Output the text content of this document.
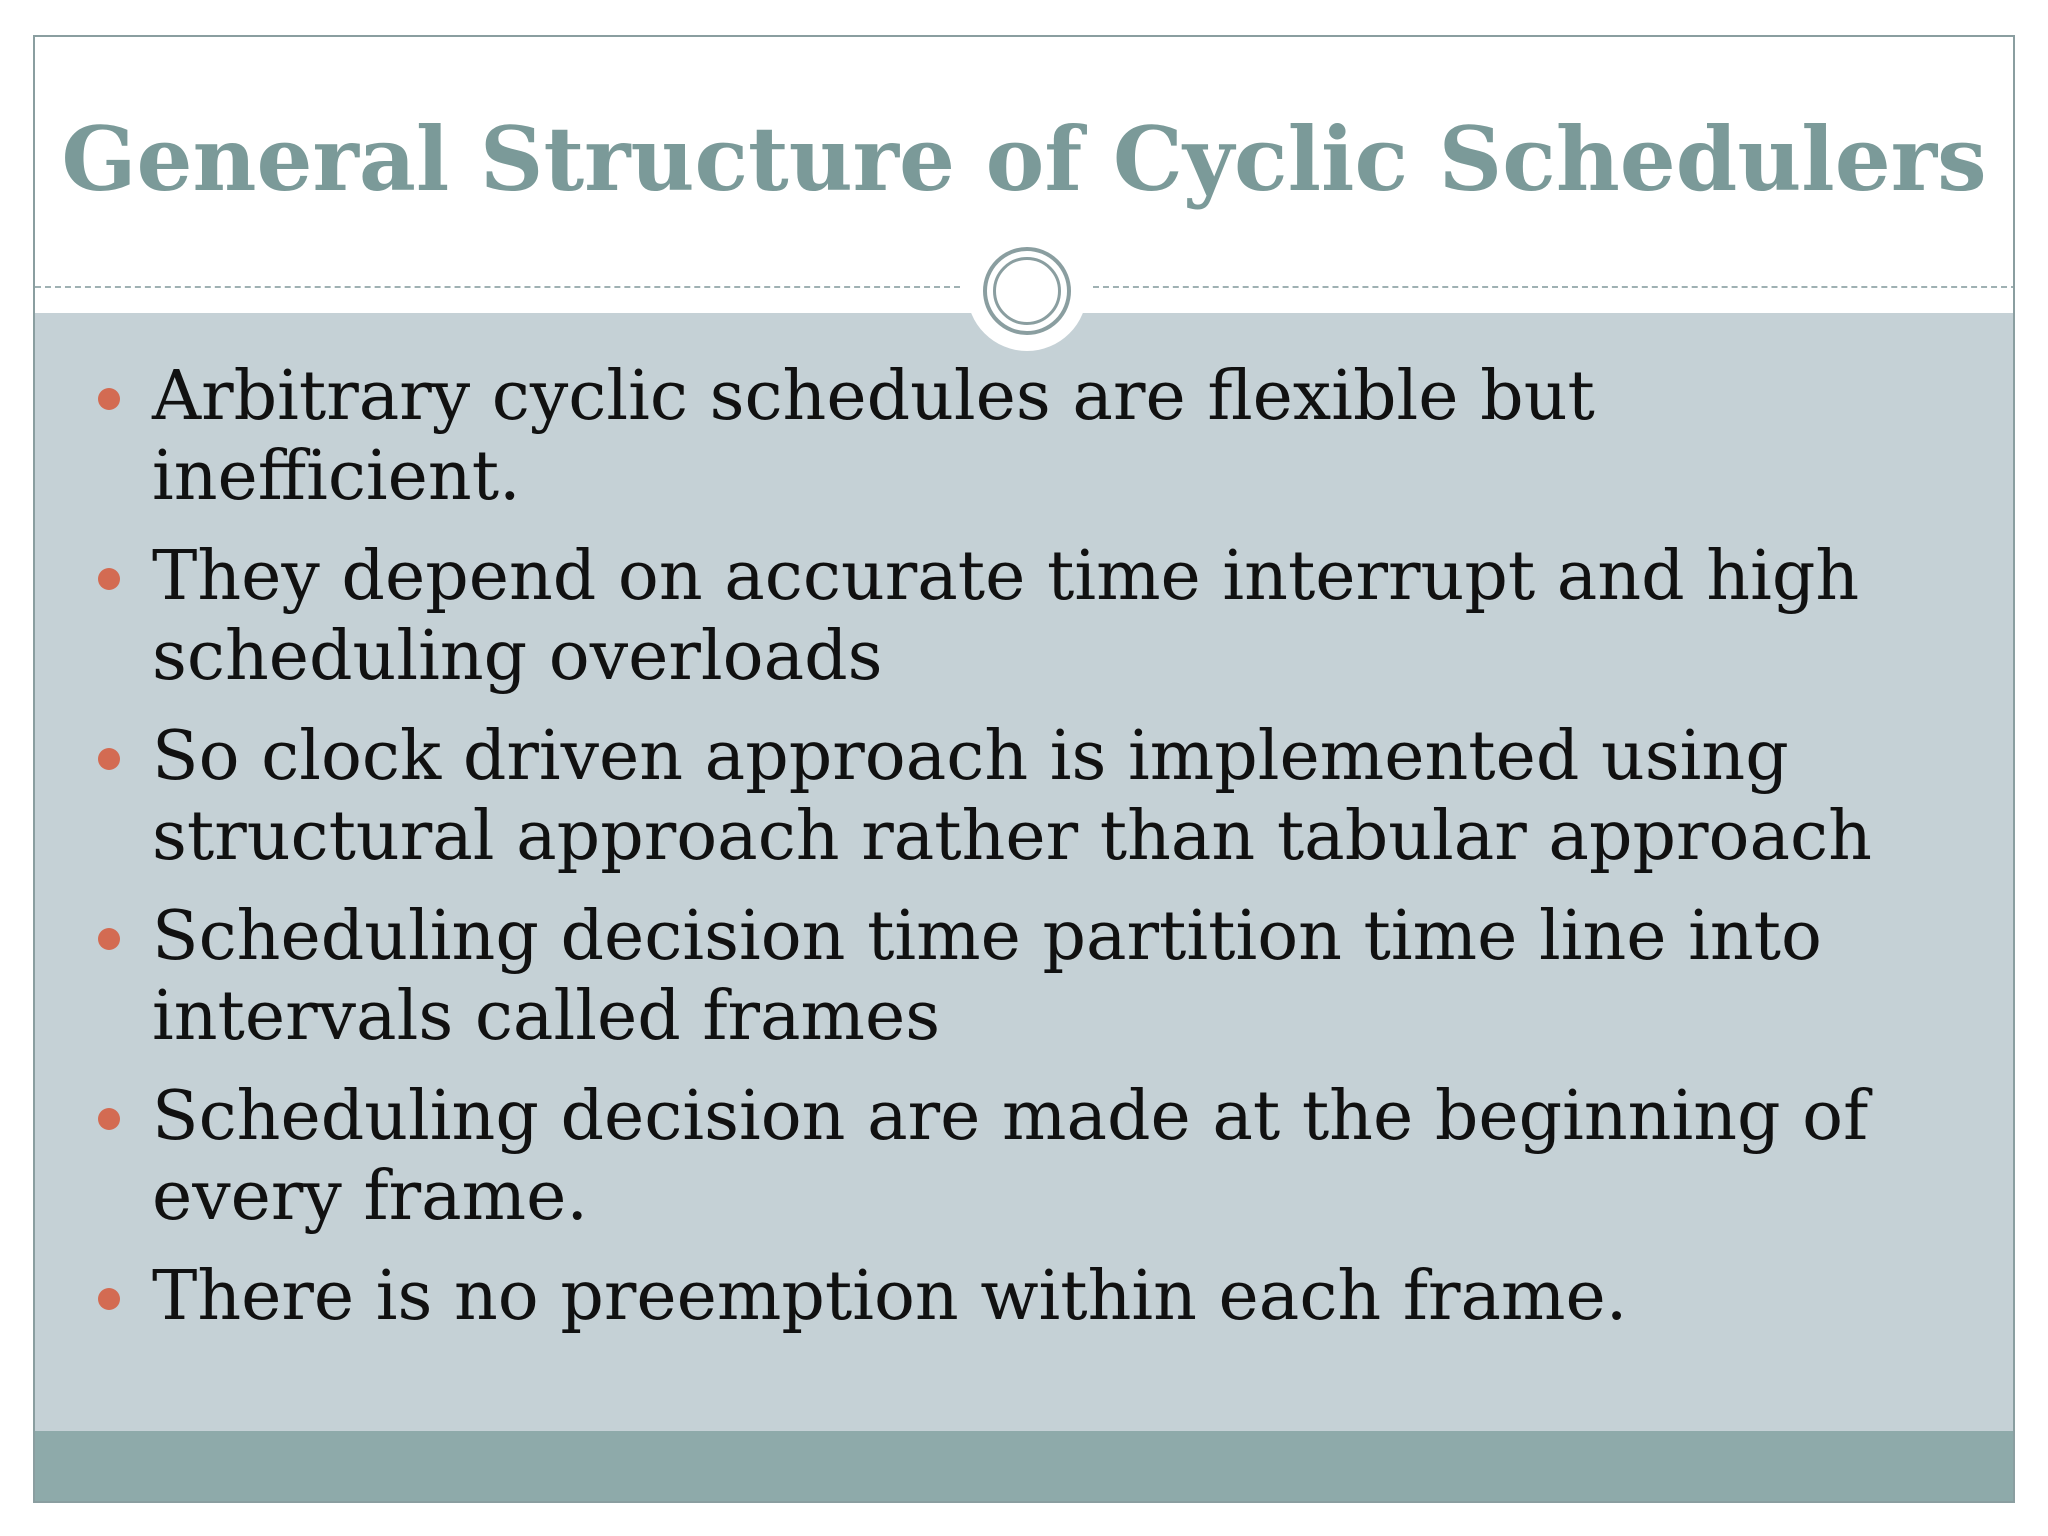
General Structure of Cyclic Schedulers
Arbitrary cyclic schedules are flexible but inefficient.
They depend on accurate time interrupt and high scheduling overloads
So clock driven approach is implemented using structural approach rather than tabular approach
Scheduling decision time partition time line into intervals called frames
Scheduling decision are made at the beginning of every frame.
There is no preemption within each frame.
